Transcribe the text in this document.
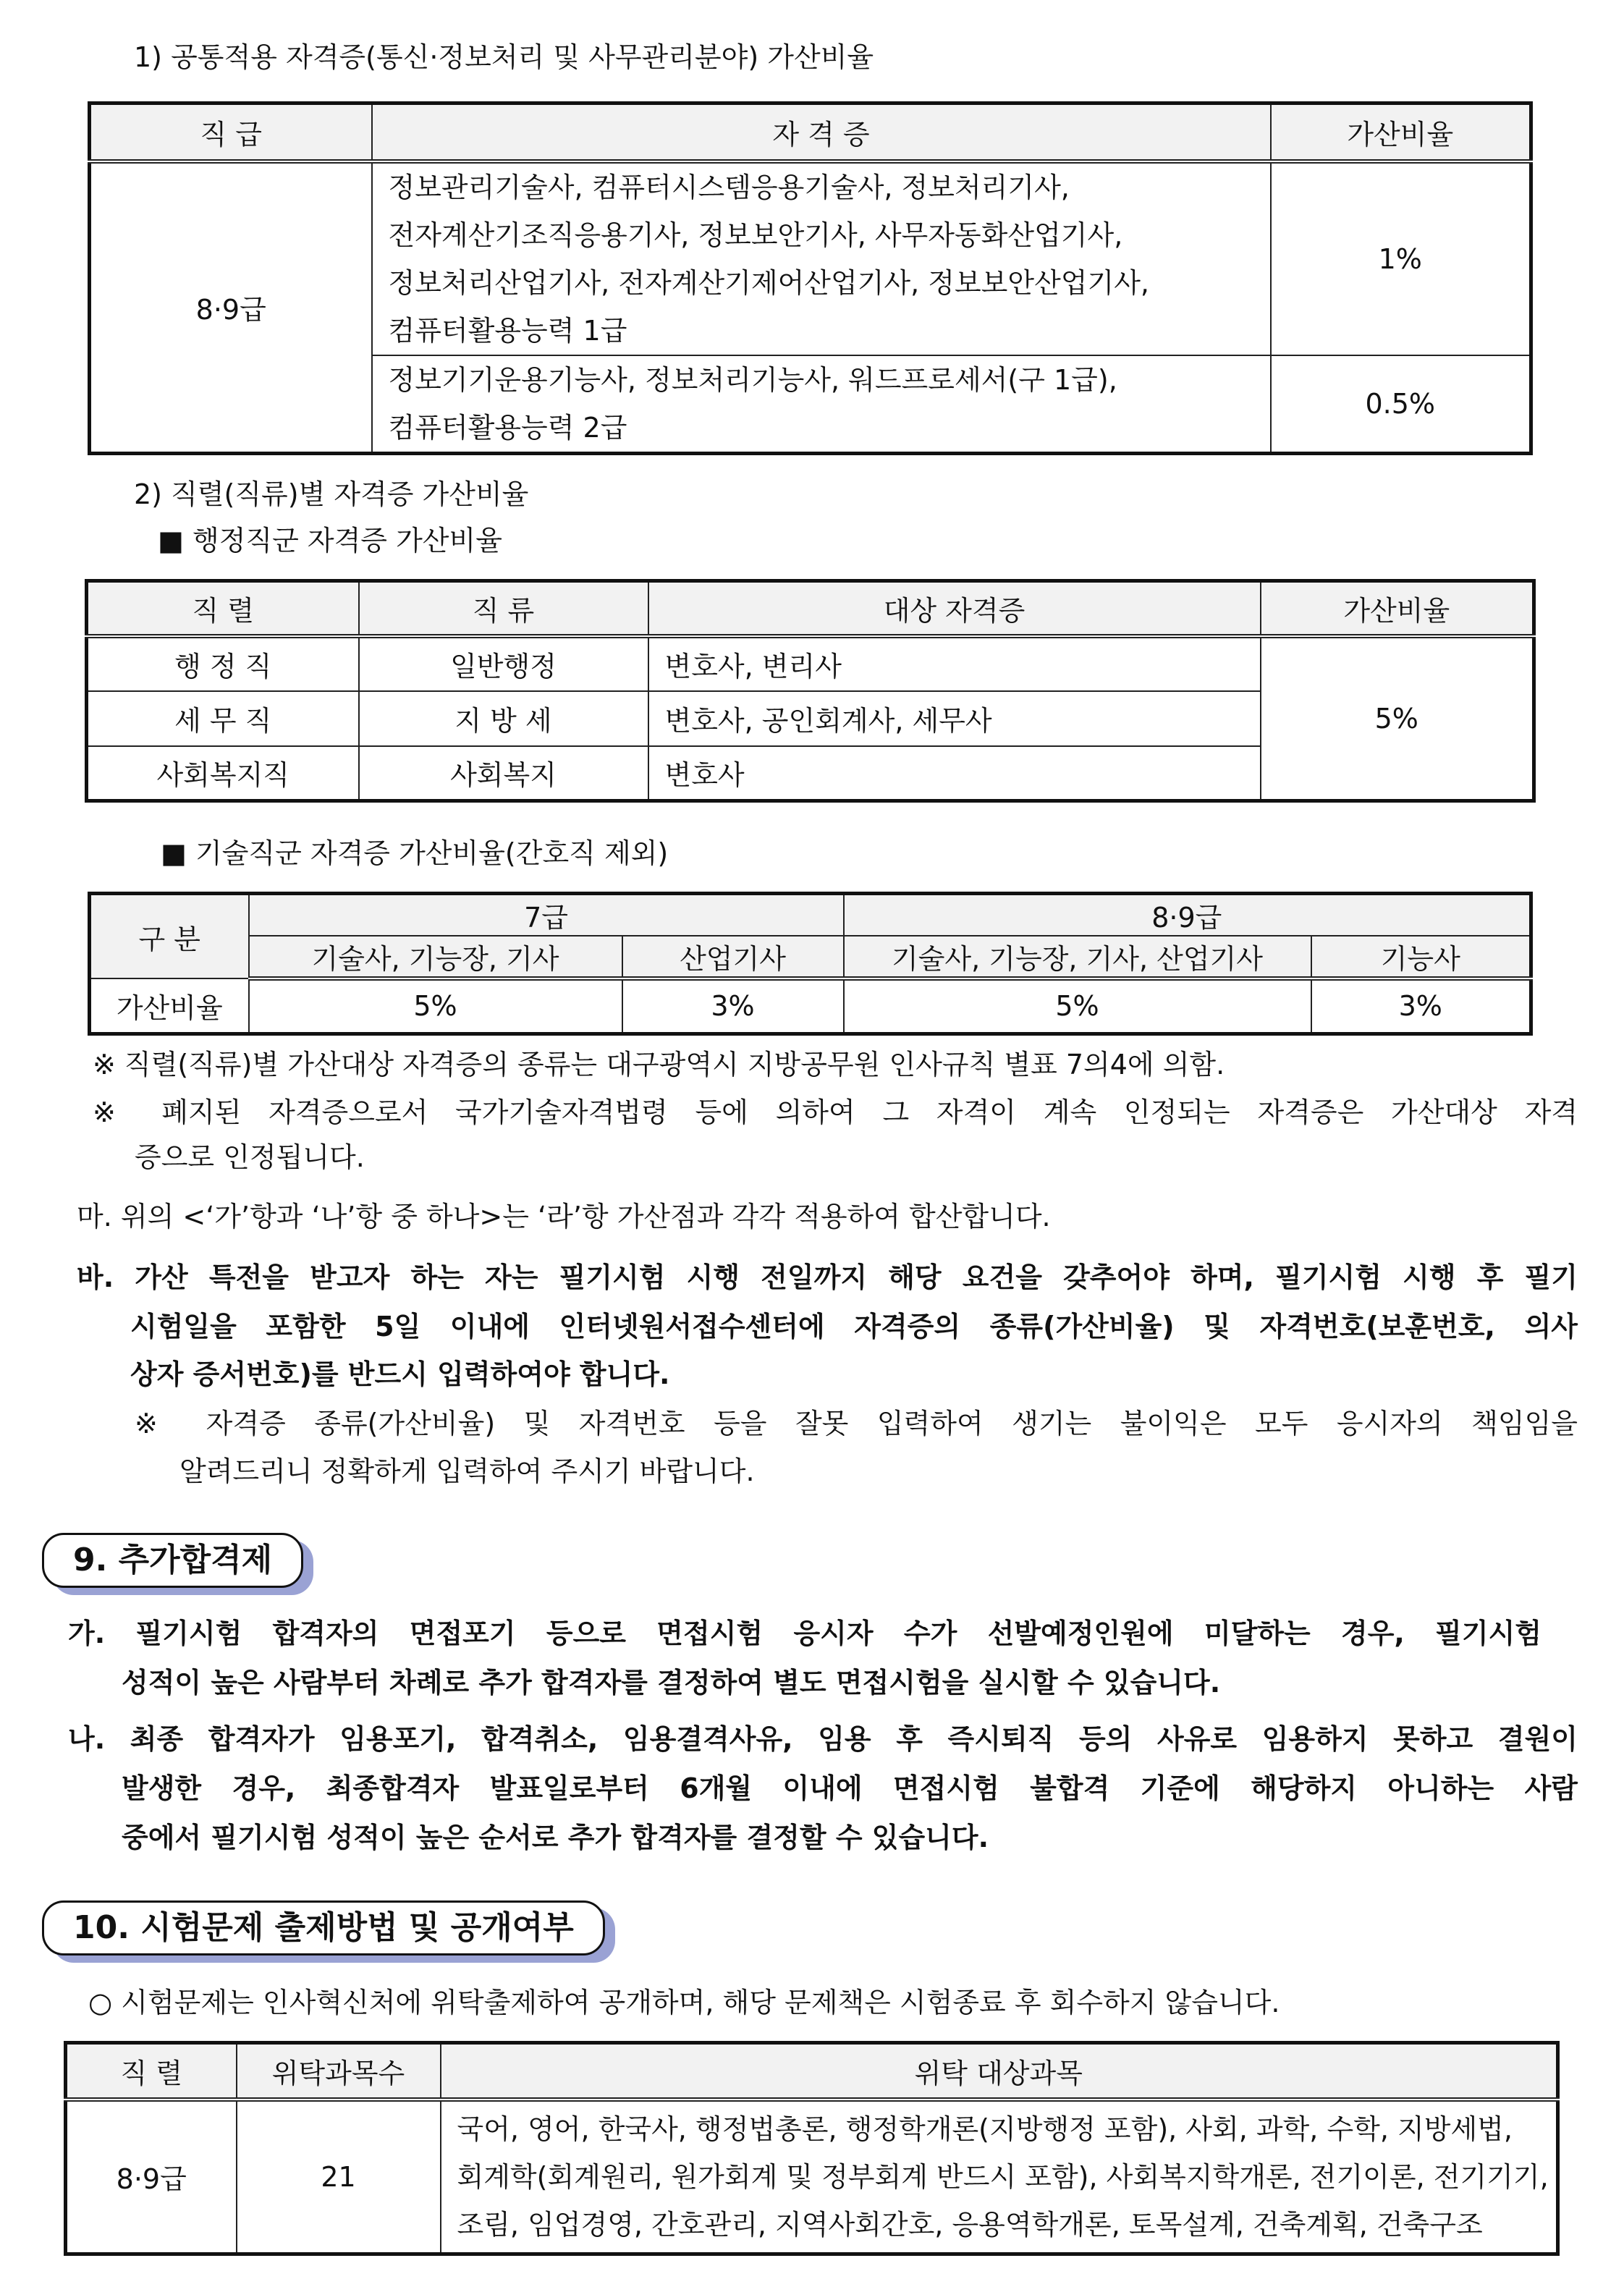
1) 공통적용 자격증(통신·정보처리 및 사무관리분야) 가산비율
직 급	자 격 증	가산비율
8·9급	정보관리기술사, 컴퓨터시스템응용기술사, 정보처리기사,
전자계산기조직응용기사, 정보보안기사, 사무자동화산업기사,
정보처리산업기사, 전자계산기제어산업기사, 정보보안산업기사,
컴퓨터활용능력 1급	1%

	정보기기운용기능사, 정보처리기능사, 워드프로세서(구 1급),
컴퓨터활용능력 2급	0.5%
2) 직렬(직류)별 자격증 가산비율
■ 행정직군 자격증 가산비율
직 렬	직 류	대상 자격증	가산비율
행 정 직	일반행정	변호사, 변리사	5%
세 무 직	지 방 세	변호사, 공인회계사, 세무사	
사회복지직	사회복지	변호사	
■ 기술직군 자격증 가산비율(간호직 제외)
구 분	7급		8·9급	
	기술사, 기능장, 기사	산업기사	기술사, 기능장, 기사, 산업기사	기능사
가산비율	5%	3%	5%	3%
※ 직렬(직류)별 가산대상 자격증의 종류는 대구광역시 지방공무원 인사규칙 별표 7의4에 의함.
※ 폐지된 자격증으로서 국가기술자격법령 등에 의하여 그 자격이 계속 인정되는 자격증은 가산대상 자격
증으로 인정됩니다.
마. 위의 <‘가’항과 ‘나’항 중 하나>는 ‘라’항 가산점과 각각 적용하여 합산합니다.
바. 가산 특전을 받고자 하는 자는 필기시험 시행 전일까지 해당 요건을 갖추어야 하며, 필기시험 시행 후 필기
시험일을 포함한 5일 이내에 인터넷원서접수센터에 자격증의 종류(가산비율) 및 자격번호(보훈번호, 의사
상자 증서번호)를 반드시 입력하여야 합니다.
※ 자격증 종류(가산비율) 및 자격번호 등을 잘못 입력하여 생기는 불이익은 모두 응시자의 책임임을
알려드리니 정확하게 입력하여 주시기 바랍니다.
9. 추가합격제
가. 필기시험 합격자의 면접포기 등으로 면접시험 응시자 수가 선발예정인원에 미달하는 경우, 필기시험
성적이 높은 사람부터 차례로 추가 합격자를 결정하여 별도 면접시험을 실시할 수 있습니다.
나. 최종 합격자가 임용포기, 합격취소, 임용결격사유, 임용 후 즉시퇴직 등의 사유로 임용하지 못하고 결원이
발생한 경우, 최종합격자 발표일로부터 6개월 이내에 면접시험 불합격 기준에 해당하지 아니하는 사람
중에서 필기시험 성적이 높은 순서로 추가 합격자를 결정할 수 있습니다.
10. 시험문제 출제방법 및 공개여부
○ 시험문제는 인사혁신처에 위탁출제하여 공개하며, 해당 문제책은 시험종료 후 회수하지 않습니다.
직 렬	위탁과목수	위탁 대상과목
8·9급	21	국어, 영어, 한국사, 행정법총론, 행정학개론(지방행정 포함), 사회, 과학, 수학, 지방세법,
회계학(회계원리, 원가회계 및 정부회계 반드시 포함), 사회복지학개론, 전기이론, 전기기기,
조림, 임업경영, 간호관리, 지역사회간호, 응용역학개론, 토목설계, 건축계획, 건축구조
